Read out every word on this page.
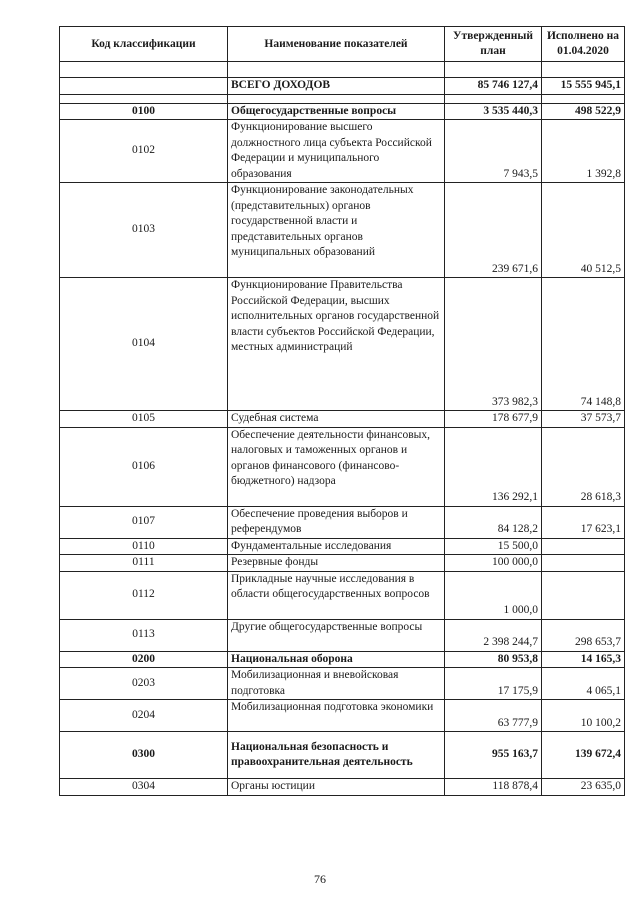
Код классификации	Наименование показателей	Утвержденный план	Исполнено на 01.04.2020

	ВСЕГО ДОХОДОВ	85 746 127,4	15 555 945,1

0100	Общегосударственные вопросы	3 535 440,3	498 522,9
0102	Функционирование высшего должностного лица субъекта Российской Федерации и муниципального образования	7 943,5	1 392,8
0103	Функционирование законодательных (представительных) органов государственной власти и представительных органов муниципальных образований	239 671,6	40 512,5
0104	Функционирование Правительства Российской Федерации, высших исполнительных органов государственной власти субъектов Российской Федерации, местных администраций	373 982,3	74 148,8
0105	Судебная система	178 677,9	37 573,7
0106	Обеспечение деятельности финансовых, налоговых и таможенных органов и органов финансового (финансово-бюджетного) надзора	136 292,1	28 618,3
0107	Обеспечение проведения выборов и референдумов	84 128,2	17 623,1
0110	Фундаментальные исследования	15 500,0	
0111	Резервные фонды	100 000,0	
0112	Прикладные научные исследования в области общегосударственных вопросов	1 000,0	
0113	Другие общегосударственные вопросы	2 398 244,7	298 653,7
0200	Национальная оборона	80 953,8	14 165,3
0203	Мобилизационная и вневойсковая подготовка	17 175,9	4 065,1
0204	Мобилизационная подготовка экономики	63 777,9	10 100,2
0300	Национальная безопасность и правоохранительная деятельность	955 163,7	139 672,4
0304	Органы юстиции	118 878,4	23 635,0
76
